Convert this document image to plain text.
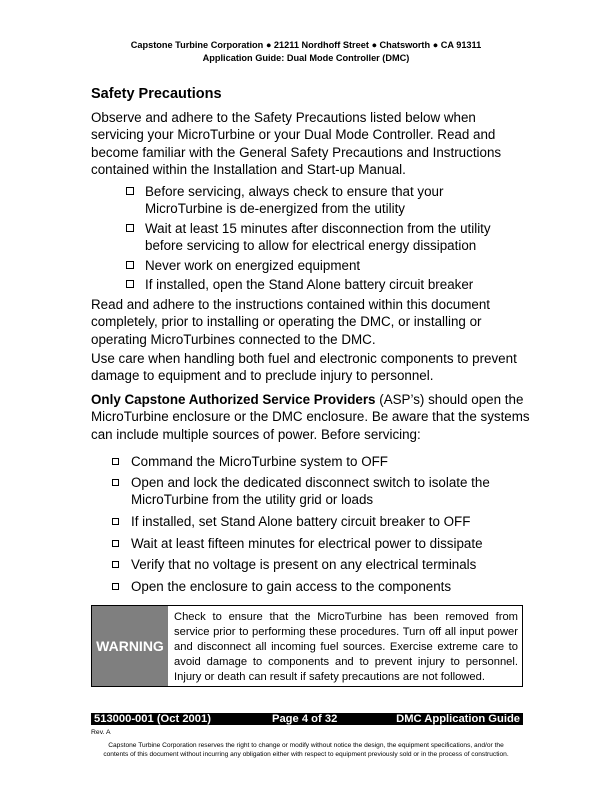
Capstone Turbine Corporation ● 21211 Nordhoff Street ● Chatsworth ● CA 91311
Application Guide: Dual Mode Controller (DMC)
Safety Precautions
Observe and adhere to the Safety Precautions listed below when servicing your MicroTurbine or your Dual Mode Controller. Read and become familiar with the General Safety Precautions and Instructions contained within the Installation and Start-up Manual.
Before servicing, always check to ensure that your MicroTurbine is de-energized from the utility
Wait at least 15 minutes after disconnection from the utility before servicing to allow for electrical energy dissipation
Never work on energized equipment
If installed, open the Stand Alone battery circuit breaker
Read and adhere to the instructions contained within this document completely, prior to installing or operating the DMC, or installing or operating MicroTurbines connected to the DMC.
Use care when handling both fuel and electronic components to prevent damage to equipment and to preclude injury to personnel.
Only Capstone Authorized Service Providers (ASP’s) should open the MicroTurbine enclosure or the DMC enclosure. Be aware that the systems can include multiple sources of power. Before servicing:
Command the MicroTurbine system to OFF
Open and lock the dedicated disconnect switch to isolate the MicroTurbine from the utility grid or loads
If installed, set Stand Alone battery circuit breaker to OFF
Wait at least fifteen minutes for electrical power to dissipate
Verify that no voltage is present on any electrical terminals
Open the enclosure to gain access to the components
WARNING
Check to ensure that the MicroTurbine has been removed from service prior to performing these procedures. Turn off all input power and disconnect all incoming fuel sources. Exercise extreme care to avoid damage to components and to prevent injury to personnel. Injury or death can result if safety precautions are not followed.
513000-001 (Oct 2001)	Page 4 of 32	DMC Application Guide
Rev. A
Capstone Turbine Corporation reserves the right to change or modify without notice the design, the equipment specifications, and/or the
contents of this document without incurring any obligation either with respect to equipment previously sold or in the process of construction.
